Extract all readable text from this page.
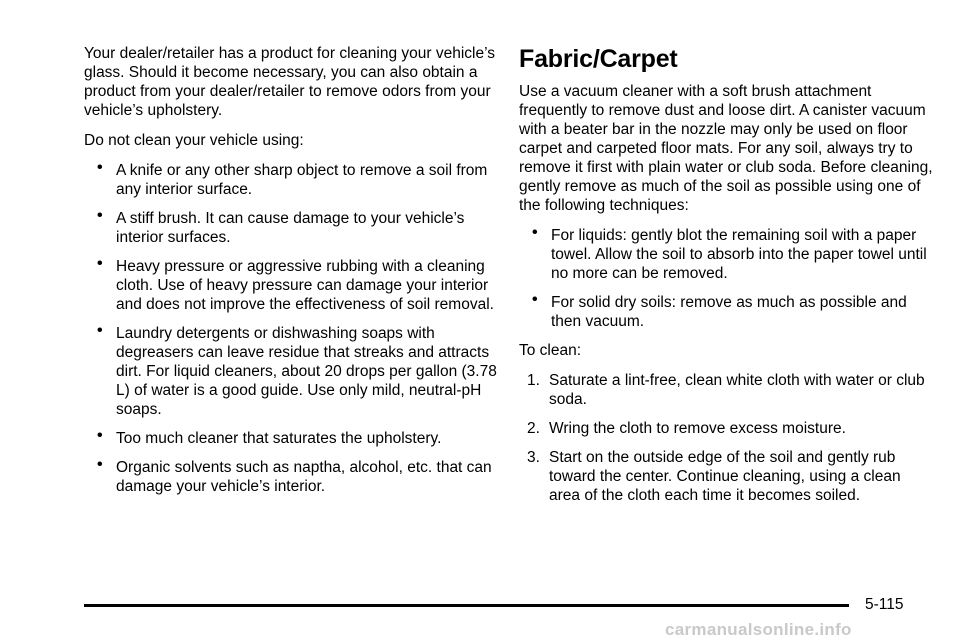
Your dealer/retailer has a product for cleaning your vehicle’s glass. Should it become necessary, you can also obtain a product from your dealer/retailer to remove odors from your vehicle’s upholstery.

Do not clean your vehicle using:

• A knife or any other sharp object to remove a soil from any interior surface.
• A stiff brush. It can cause damage to your vehicle’s interior surfaces.
• Heavy pressure or aggressive rubbing with a cleaning cloth. Use of heavy pressure can damage your interior and does not improve the effectiveness of soil removal.
• Laundry detergents or dishwashing soaps with degreasers can leave residue that streaks and attracts dirt. For liquid cleaners, about 20 drops per gallon (3.78 L) of water is a good guide. Use only mild, neutral-pH soaps.
• Too much cleaner that saturates the upholstery.
• Organic solvents such as naptha, alcohol, etc. that can damage your vehicle’s interior.
Fabric/Carpet

Use a vacuum cleaner with a soft brush attachment frequently to remove dust and loose dirt. A canister vacuum with a beater bar in the nozzle may only be used on floor carpet and carpeted floor mats. For any soil, always try to remove it first with plain water or club soda. Before cleaning, gently remove as much of the soil as possible using one of the following techniques:

• For liquids: gently blot the remaining soil with a paper towel. Allow the soil to absorb into the paper towel until no more can be removed.
• For solid dry soils: remove as much as possible and then vacuum.

To clean:

1. Saturate a lint-free, clean white cloth with water or club soda.
2. Wring the cloth to remove excess moisture.
3. Start on the outside edge of the soil and gently rub toward the center. Continue cleaning, using a clean area of the cloth each time it becomes soiled.
5-115
carmanualsonline.info
